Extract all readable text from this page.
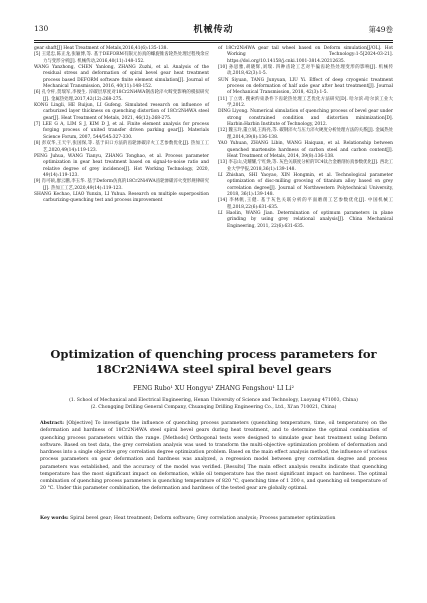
130	机械传动	第49卷

gear shaft[J] Heat Treatment of Metals,2016,41(6):135-138.

[5] 王延忠,陈正龙,张颖博,等. 基于DEFORM有限元仿真的螺旋锥齿轮热处理过程残余应力与变形分析[J]. 机械传动,2016,40(11):148-152.

WANG Yanzhong, CHEN Yanlong, ZHANG Zuzhi, et al. Analysis of the residual stress and deformation of spiral bevel gear heat treatment process based DEFORM software finite element simulation[J]. Journal of Mechanical Transmission, 2016, 40(11):148-152.

[6] 孔令杆,贺瑞军,李俊生. 淬碳层厚度对18Cr2Ni4WA钢齿轮淬火畸变影响的模拟研究[J]. 金属热处理,2017,42(12):268-275.

KONG Lingli, HE Ruijun, LI Gufeng. Simulated research on influence of carburized layer thickness on quenching distortion of 18Cr2Ni4WA steel gear[J]. Heat Treatment of Metals, 2021, 46(12):268-275.

[7] LEE G A, LIM S J, KIM D J, et al. Finite element analysis for process forging process of united transfer driven parking gear[J]. Materials Science Forum, 2007, 544/545:327-330.

[8] 彭双华,王天宇,张国保,等. 基于田口方法的齿轮渗碳淬火工艺参数优化[J]. 热加工工艺,2020,49(14):119-123.

PENG Juhua, WANG Tianyu, ZHANG Tonghao, et al. Process parameter optimization in gear heat treatment based on signal-to-noise ratio and relative degree of grey incidence[J]. Hot Working Technology, 2020, 49(14):119-123.

[9] 肖可硕,廖云鹏,李玉华. 基于Deform仿真的18Cr2Ni4WA齿轮渗碳淬火变形规律研究[J]. 热加工工艺,2020,49(14):119-123.

SHANG Kechao, LIAO Yunxin, LI Yuhua. Research on multiple superposition carburizing-quenching test and process improvement

of 18Cr2Ni4WA gear tail wheel based on Deform simulation[J/OL]. Hot Working Technology:1-5[2024-03-21]. https://doi.org/10.14158/j.cnki.1001-3814.20212635.

[10] 孙思雅,胡晓辉,刘瑞. 四种齿轮工艺对半偏齿轮热处理变形的影响[J]. 机械传动,2018,42(3):1-5.

SUN Siyuan, TANG Junyuan, LIU Yi. Effect of deep cryogenic treatment process on deformation of half axle gear after heat treatment[J]. Journal of Mechanical Transmission, 2018, 42(3):1-5.

[11] 丁立勇. 搜索约束条件下齿轮热处理工艺优化方法研究[D]. 哈尔滨:哈尔滨工业大学,2012.

DING Liyong. Numerical simulation of quenching process of bevel gear under strong constrained condition and distortion minimization[D]. Harbin:Harbin Institute of Technology, 2012.

[12] 魏玉玲,董立斌,王海亮,等. 碳钢淬火与压力淬火硬度分析处理方法的关系[J]. 金属热处理,2014,39(8):136-138.

YAO Yuhuan, ZHANG Libin, WANG Haiquan, et al. Relationship between quenched martensite hardness of carbon steel and carbon content[J]. Heat Treatment of Metals, 2014, 39(8):136-138.

[13] 李志山,史耀耀,宁红焕,等. 灰色关联度分析的TC4钛合金磨削仿真参数优化[J]. 西北工业大学学报,2018,36(1):139-148.

LI Zhishan, SHI Yaoyao, XIN Hongmin, et al. Technological parameter optimization of disc-milling grooving of titanium alloy based on grey correlation degree[J]. Journal of Northwestern Polytechnical University, 2018, 36(1):139-148.

[14] 李林帆,王健. 基于灰色关联分析的平面磨削工艺参数优化[J]. 中国机械工程,2018,22(6):631-635.

LI Haolin, WANG Jian. Determination of optimum parameters in plane grinding by using grey relational analysis[J]. China Mechanical Engineering, 2011, 22(6):631-635.

Optimization of quenching process parameters for 18Cr2Ni4WA steel spiral bevel gears
FENG Rubo¹ XU Hongyu¹ ZHANG Fengshou¹ LI Li²
(1. School of Mechanical and Electrical Engineering, Henan University of Science and Technology, Luoyang 471003, China)
(2. Chongqing Drilling General Company, Chuanqing Drilling Engineering Co., Ltd., Xi'an 710021, China)
Abstract: [Objective] To investigate the influence of quenching process parameters (quenching temperature, time, oil temperature) on the deformation and hardness of 18Cr2Ni4WA steel spiral bevel gears during heat treatment, and to determine the optimal combination of quenching process parameters within the range. [Methods] Orthogonal tests were designed to simulate gear heat treatment using Deform software. Based on test data, the grey correlation analysis was used to transform the multi-objective optimization problem of deformation and hardness into a single objective grey correlation degree optimization problem. Based on the main effect analysis method, the influence of various process parameters on gear deformation and hardness was analyzed, a regression model between grey correlation degree and process parameters was established, and the accuracy of the model was verified. [Results] The main effect analysis results indicate that quenching temperature has the most significant impact on deformation, while oil temperature has the most significant impact on hardness. The optimal combination of quenching process parameters is quenching temperature of 820 °C, quenching time of 1 200 s, and quenching oil temperature of 20 °C. Under this parameter combination, the deformation and hardness of the tested gear are globally optimal.
Key words: Spiral bevel gear; Heat treatment; Deform software; Grey correlation analysis; Process parameter optimization
